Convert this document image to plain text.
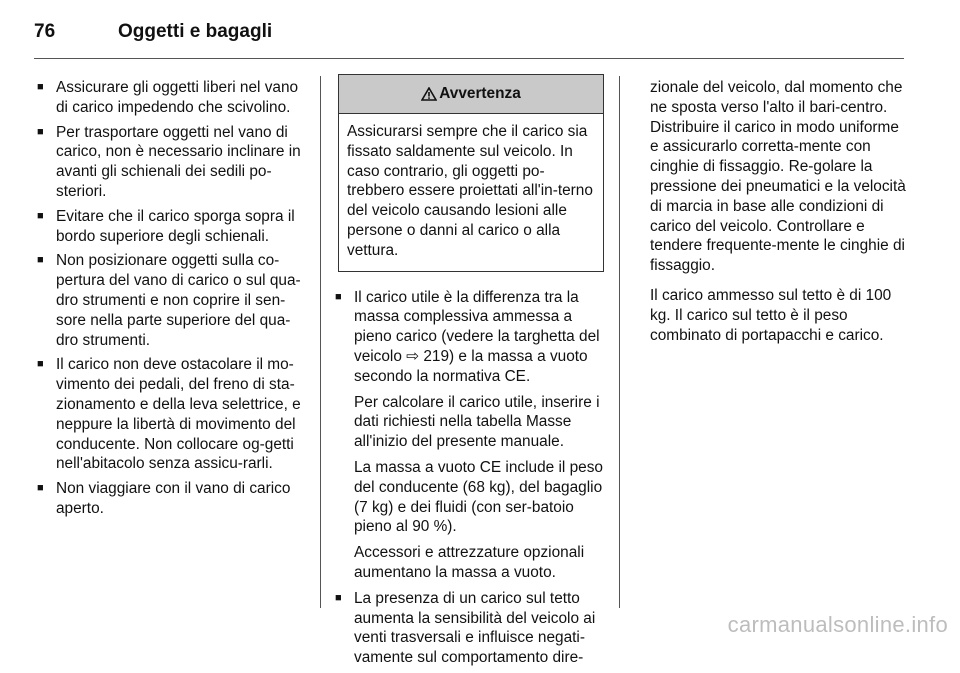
76	Oggetti e bagagli
■ Assicurare gli oggetti liberi nel vano di carico impedendo che scivolino.
■ Per trasportare oggetti nel vano di carico, non è necessario inclinare in avanti gli schienali dei sedili po-steriori.
■ Evitare che il carico sporga sopra il bordo superiore degli schienali.
■ Non posizionare oggetti sulla co-pertura del vano di carico o sul qua-dro strumenti e non coprire il sen-sore nella parte superiore del qua-dro strumenti.
■ Il carico non deve ostacolare il mo-vimento dei pedali, del freno di sta-zionamento e della leva selettrice, e neppure la libertà di movimento del conducente. Non collocare og-getti nell'abitacolo senza assicu-rarli.
■ Non viaggiare con il vano di carico aperto.
Avvertenza
Assicurarsi sempre che il carico sia fissato saldamente sul veicolo. In caso contrario, gli oggetti po-trebbero essere proiettati all'in-terno del veicolo causando lesioni alle persone o danni al carico o alla vettura.

■ Il carico utile è la differenza tra la massa complessiva ammessa a pieno carico (vedere la targhetta del veicolo ⇨ 219) e la massa a vuoto secondo la normativa CE.

Per calcolare il carico utile, inserire i dati richiesti nella tabella Masse all'inizio del presente manuale.

La massa a vuoto CE include il peso del conducente (68 kg), del bagaglio (7 kg) e dei fluidi (con ser-batoio pieno al 90 %).

Accessori e attrezzature opzionali aumentano la massa a vuoto.

■ La presenza di un carico sul tetto aumenta la sensibilità del veicolo ai venti trasversali e influisce negati-vamente sul comportamento dire-

zionale del veicolo, dal momento che ne sposta verso l'alto il bari-centro. Distribuire il carico in modo uniforme e assicurarlo corretta-mente con cinghie di fissaggio. Re-golare la pressione dei pneumatici e la velocità di marcia in base alle condizioni di carico del veicolo. Controllare e tendere frequente-mente le cinghie di fissaggio.

Il carico ammesso sul tetto è di 100 kg. Il carico sul tetto è il peso combinato di portapacchi e carico.

carmanualsonline.info
